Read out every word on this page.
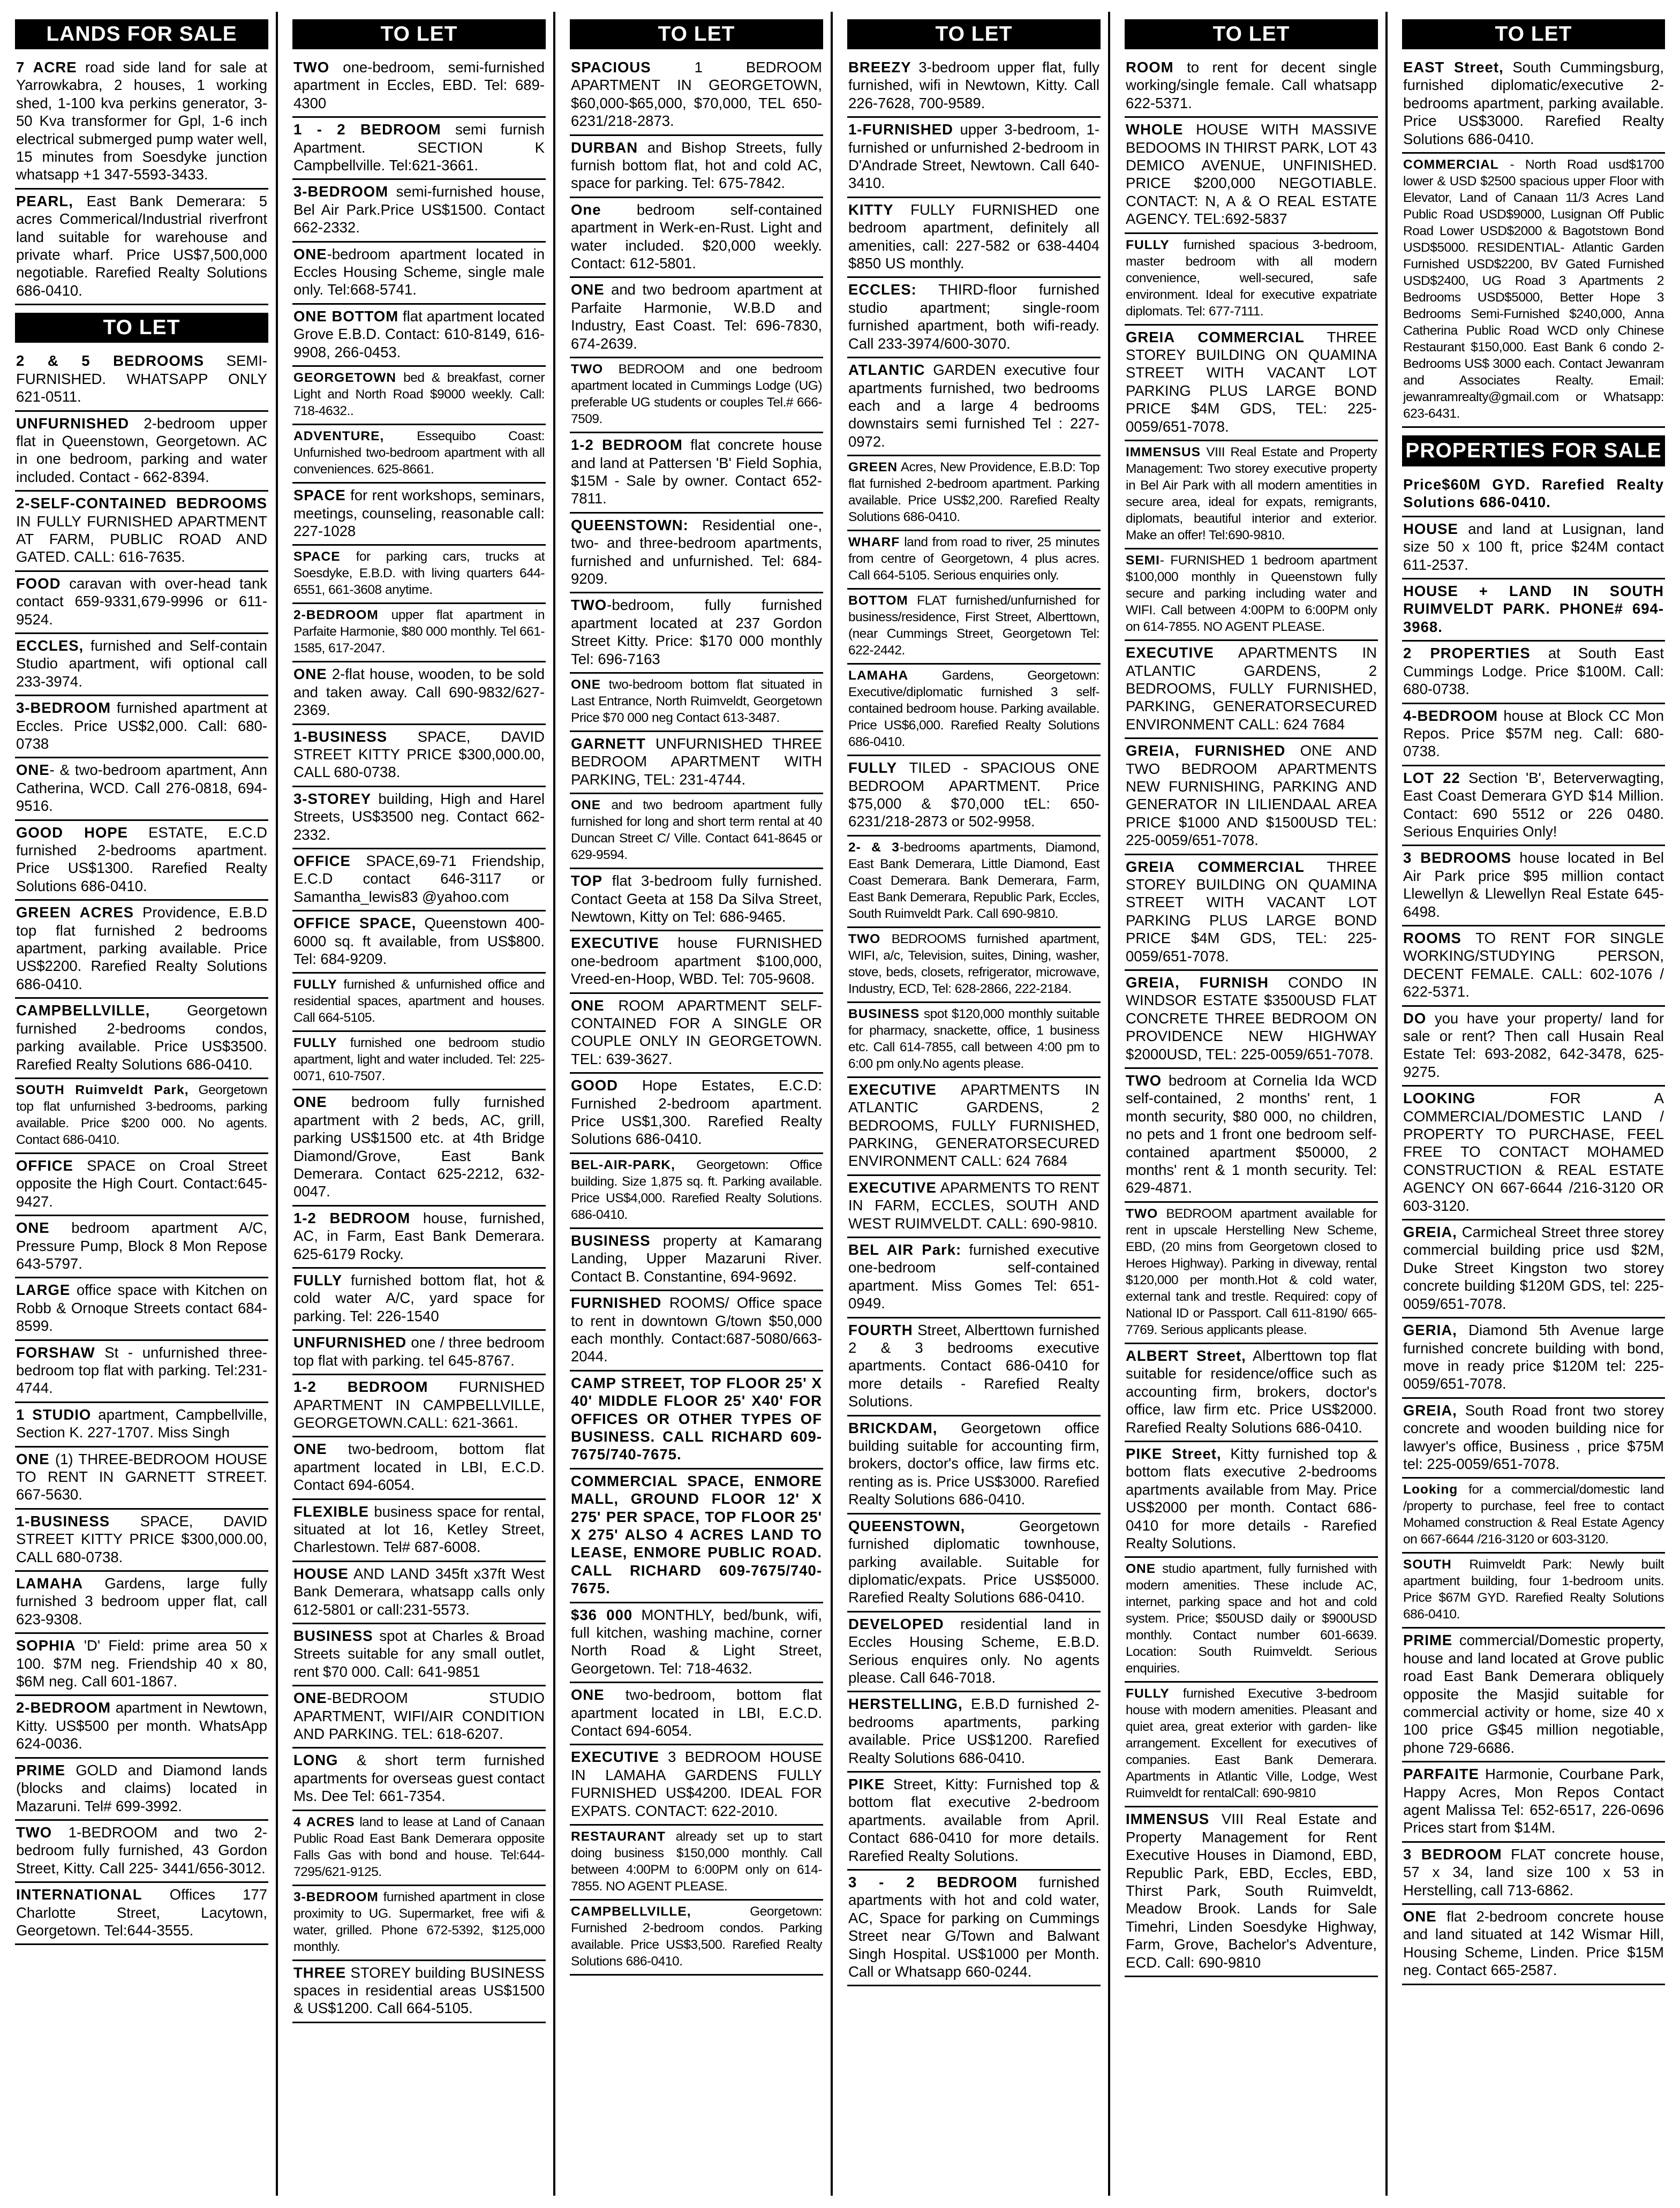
LANDS FOR SALE
7 ACRE road side land for sale at Yarrowkabra, 2 houses, 1 working shed, 1-100 kva perkins generator, 3-50 Kva transformer for Gpl, 1-6 inch electrical submerged pump water well, 15 minutes from Soesdyke junction whatsapp +1 347-5593-3433.
PEARL, East Bank Demerara: 5 acres Commerical/Industrial riverfront land suitable for warehouse and private wharf. Price US$7,500,000 negotiable. Rarefied Realty Solutions 686-0410.
TO LET
2 & 5 BEDROOMS SEMI-FURNISHED. WHATSAPP ONLY 621-0511.
UNFURNISHED 2-bedroom upper flat in Queenstown, Georgetown. AC in one bedroom, parking and water included. Contact - 662-8394.
2-SELF-CONTAINED BEDROOMS IN FULLY FURNISHED APARTMENT AT FARM, PUBLIC ROAD AND GATED. CALL: 616-7635.
FOOD caravan with over-head tank contact 659-9331,679-9996 or 611-9524.
ECCLES, furnished and Self-contain Studio apartment, wifi optional call 233-3974.
3-BEDROOM furnished apartment at Eccles. Price US$2,000. Call: 680-0738
ONE- & two-bedroom apartment, Ann Catherina, WCD. Call 276-0818, 694-9516.
GOOD HOPE ESTATE, E.C.D furnished 2-bedrooms apartment. Price US$1300. Rarefied Realty Solutions 686-0410.
GREEN ACRES Providence, E.B.D top flat furnished 2 bedrooms apartment, parking available. Price US$2200. Rarefied Realty Solutions 686-0410.
CAMPBELLVILLE, Georgetown furnished 2-bedrooms condos, parking available. Price US$3500. Rarefied Realty Solutions 686-0410.
SOUTH Ruimveldt Park, Georgetown top flat unfurnished 3-bedrooms, parking available. Price $200 000. No agents. Contact 686-0410.
OFFICE SPACE on Croal Street opposite the High Court. Contact:645-9427.
ONE bedroom apartment A/C, Pressure Pump, Block 8 Mon Repose 643-5797.
LARGE office space with Kitchen on Robb & Ornoque Streets contact 684-8599.
FORSHAW St - unfurnished three-bedroom top flat with parking. Tel:231-4744.
1 STUDIO apartment, Campbellville, Section K. 227-1707. Miss Singh
ONE (1) THREE-BEDROOM HOUSE TO RENT IN GARNETT STREET. 667-5630.
1-BUSINESS SPACE, DAVID STREET KITTY PRICE $300,000.00, CALL 680-0738.
LAMAHA Gardens, large fully furnished 3 bedroom upper flat, call 623-9308.
SOPHIA 'D' Field: prime area 50 x 100. $7M neg. Friendship 40 x 80, $6M neg. Call 601-1867.
2-BEDROOM apartment in Newtown, Kitty. US$500 per month. WhatsApp 624-0036.
PRIME GOLD and Diamond lands (blocks and claims) located in Mazaruni. Tel# 699-3992.
TWO 1-BEDROOM and two 2-bedroom fully furnished, 43 Gordon Street, Kitty. Call 225- 3441/656-3012.
INTERNATIONAL Offices 177 Charlotte Street, Lacytown, Georgetown. Tel:644-3555.
TO LET
TWO one-bedroom, semi-furnished apartment in Eccles, EBD. Tel: 689-4300
1 - 2 BEDROOM semi furnish Apartment. SECTION K Campbellville. Tel:621-3661.
3-BEDROOM semi-furnished house, Bel Air Park.Price US$1500. Contact 662-2332.
ONE-bedroom apartment located in Eccles Housing Scheme, single male only. Tel:668-5741.
ONE BOTTOM flat apartment located Grove E.B.D. Contact: 610-8149, 616-9908, 266-0453.
GEORGETOWN bed & breakfast, corner Light and North Road $9000 weekly. Call: 718-4632..
ADVENTURE, Essequibo Coast: Unfurnished two-bedroom apartment with all conveniences. 625-8661.
SPACE for rent workshops, seminars, meetings, counseling, reasonable call: 227-1028
SPACE for parking cars, trucks at Soesdyke, E.B.D. with living quarters 644-6551, 661-3608 anytime.
2-BEDROOM upper flat apartment in Parfaite Harmonie, $80 000 monthly. Tel 661-1585, 617-2047.
ONE 2-flat house, wooden, to be sold and taken away. Call 690-9832/627-2369.
1-BUSINESS SPACE, DAVID STREET KITTY PRICE $300,000.00, CALL 680-0738.
3-STOREY building, High and Harel Streets, US$3500 neg. Contact 662-2332.
OFFICE SPACE,69-71 Friendship, E.C.D contact 646-3117 or Samantha_lewis83 @yahoo.com
OFFICE SPACE, Queenstown 400-6000 sq. ft available, from US$800. Tel: 684-9209.
FULLY furnished & unfurnished office and residential spaces, apartment and houses. Call 664-5105.
FULLY furnished one bedroom studio apartment, light and water included. Tel: 225-0071, 610-7507.
ONE bedroom fully furnished apartment with 2 beds, AC, grill, parking US$1500 etc. at 4th Bridge Diamond/Grove, East Bank Demerara. Contact 625-2212, 632-0047.
1-2 BEDROOM house, furnished, AC, in Farm, East Bank Demerara. 625-6179 Rocky.
FULLY furnished bottom flat, hot & cold water A/C, yard space for parking. Tel: 226-1540
UNFURNISHED one / three bedroom top flat with parking. tel 645-8767.
1-2 BEDROOM FURNISHED APARTMENT IN CAMPBELLVILLE, GEORGETOWN.CALL: 621-3661.
ONE two-bedroom, bottom flat apartment located in LBI, E.C.D. Contact 694-6054.
FLEXIBLE business space for rental, situated at lot 16, Ketley Street, Charlestown. Tel# 687-6008.
HOUSE AND LAND 345ft x37ft West Bank Demerara, whatsapp calls only 612-5801 or call:231-5573.
BUSINESS spot at Charles & Broad Streets suitable for any small outlet, rent $70 000. Call: 641-9851
ONE-BEDROOM STUDIO APARTMENT, WIFI/AIR CONDITION AND PARKING. TEL: 618-6207.
LONG & short term furnished apartments for overseas guest contact Ms. Dee Tel: 661-7354.
4 ACRES land to lease at Land of Canaan Public Road East Bank Demerara opposite Falls Gas with bond and house. Tel:644-7295/621-9125.
3-BEDROOM furnished apartment in close proximity to UG. Supermarket, free wifi & water, grilled. Phone 672-5392, $125,000 monthly.
THREE STOREY building BUSINESS spaces in residential areas US$1500 & US$1200. Call 664-5105.
TO LET
SPACIOUS 1 BEDROOM APARTMENT IN GEORGETOWN, $60,000-$65,000, $70,000, TEL 650-6231/218-2873.
DURBAN and Bishop Streets, fully furnish bottom flat, hot and cold AC, space for parking. Tel: 675-7842.
One bedroom self-contained apartment in Werk-en-Rust. Light and water included. $20,000 weekly. Contact: 612-5801.
ONE and two bedroom apartment at Parfaite Harmonie, W.B.D and Industry, East Coast. Tel: 696-7830, 674-2639.
TWO BEDROOM and one bedroom apartment located in Cummings Lodge (UG) preferable UG students or couples Tel.# 666-7509.
1-2 BEDROOM flat concrete house and land at Pattersen 'B' Field Sophia, $15M - Sale by owner. Contact 652-7811.
QUEENSTOWN: Residential one-, two- and three-bedroom apartments, furnished and unfurnished. Tel: 684-9209.
TWO-bedroom, fully furnished apartment located at 237 Gordon Street Kitty. Price: $170 000 monthly Tel: 696-7163
ONE two-bedroom bottom flat situated in Last Entrance, North Ruimveldt, Georgetown Price $70 000 neg Contact 613-3487.
GARNETT UNFURNISHED THREE BEDROOM APARTMENT WITH PARKING, TEL: 231-4744.
ONE and two bedroom apartment fully furnished for long and short term rental at 40 Duncan Street C/ Ville. Contact 641-8645 or 629-9594.
TOP flat 3-bedroom fully furnished. Contact Geeta at 158 Da Silva Street, Newtown, Kitty on Tel: 686-9465.
EXECUTIVE house FURNISHED one-bedroom apartment $100,000, Vreed-en-Hoop, WBD. Tel: 705-9608.
ONE ROOM APARTMENT SELF-CONTAINED FOR A SINGLE OR COUPLE ONLY IN GEORGETOWN. TEL: 639-3627.
GOOD Hope Estates, E.C.D: Furnished 2-bedroom apartment. Price US$1,300. Rarefied Realty Solutions 686-0410.
BEL-AIR-PARK, Georgetown: Office building. Size 1,875 sq. ft. Parking available. Price US$4,000. Rarefied Realty Solutions. 686-0410.
BUSINESS property at Kamarang Landing, Upper Mazaruni River. Contact B. Constantine, 694-9692.
FURNISHED ROOMS/ Office space to rent in downtown G/town $50,000 each monthly. Contact:687-5080/663-2044.
CAMP STREET, TOP FLOOR 25' X 40' MIDDLE FLOOR 25' X40' FOR OFFICES OR OTHER TYPES OF BUSINESS. CALL RICHARD 609-7675/740-7675.
COMMERCIAL SPACE, ENMORE MALL, GROUND FLOOR 12' X 275' PER SPACE, TOP FLOOR 25' X 275' ALSO 4 ACRES LAND TO LEASE, ENMORE PUBLIC ROAD. CALL RICHARD 609-7675/740-7675.
$36 000 MONTHLY, bed/bunk, wifi, full kitchen, washing machine, corner North Road & Light Street, Georgetown. Tel: 718-4632.
ONE two-bedroom, bottom flat apartment located in LBI, E.C.D. Contact 694-6054.
EXECUTIVE 3 BEDROOM HOUSE IN LAMAHA GARDENS FULLY FURNISHED US$4200. IDEAL FOR EXPATS. CONTACT: 622-2010.
RESTAURANT already set up to start doing business $150,000 monthly. Call between 4:00PM to 6:00PM only on 614-7855. NO AGENT PLEASE.
CAMPBELLVILLE, Georgetown: Furnished 2-bedroom condos. Parking available. Price US$3,500. Rarefied Realty Solutions 686-0410.
TO LET
BREEZY 3-bedroom upper flat, fully furnished, wifi in Newtown, Kitty. Call 226-7628, 700-9589.
1-FURNISHED upper 3-bedroom, 1-furnished or unfurnished 2-bedroom in D'Andrade Street, Newtown. Call 640-3410.
KITTY FULLY FURNISHED one bedroom apartment, definitely all amenities, call: 227-582 or 638-4404 $850 US monthly.
ECCLES: THIRD-floor furnished studio apartment; single-room furnished apartment, both wifi-ready. Call 233-3974/600-3070.
ATLANTIC GARDEN executive four apartments furnished, two bedrooms each and a large 4 bedrooms downstairs semi furnished Tel : 227-0972.
GREEN Acres, New Providence, E.B.D: Top flat furnished 2-bedroom apartment. Parking available. Price US$2,200. Rarefied Realty Solutions 686-0410.
WHARF land from road to river, 25 minutes from centre of Georgetown, 4 plus acres. Call 664-5105. Serious enquiries only.
BOTTOM FLAT furnished/unfurnished for business/residence, First Street, Alberttown, (near Cummings Street, Georgetown Tel: 622-2442.
LAMAHA Gardens, Georgetown: Executive/diplomatic furnished 3 self-contained bedroom house. Parking available. Price US$6,000. Rarefied Realty Solutions 686-0410.
FULLY TILED - SPACIOUS ONE BEDROOM APARTMENT. Price $75,000 & $70,000 tEL: 650-6231/218-2873 or 502-9958.
2- & 3-bedrooms apartments, Diamond, East Bank Demerara, Little Diamond, East Coast Demerara. Bank Demerara, Farm, East Bank Demerara, Republic Park, Eccles, South Ruimveldt Park. Call 690-9810.
TWO BEDROOMS furnished apartment, WIFI, a/c, Television, suites, Dining, washer, stove, beds, closets, refrigerator, microwave, Industry, ECD, Tel: 628-2866, 222-2184.
BUSINESS spot $120,000 monthly suitable for pharmacy, snackette, office, 1 business etc. Call 614-7855, call between 4:00 pm to 6:00 pm only.No agents please.
EXECUTIVE APARTMENTS IN ATLANTIC GARDENS, 2 BEDROOMS, FULLY FURNISHED, PARKING, GENERATORSECURED ENVIRONMENT CALL: 624 7684
EXECUTIVE APARMENTS TO RENT IN FARM, ECCLES, SOUTH AND WEST RUIMVELDT. CALL: 690-9810.
BEL AIR Park: furnished executive one-bedroom self-contained apartment. Miss Gomes Tel: 651-0949.
FOURTH Street, Alberttown furnished 2 & 3 bedrooms executive apartments. Contact 686-0410 for more details - Rarefied Realty Solutions.
BRICKDAM, Georgetown office building suitable for accounting firm, brokers, doctor's office, law firms etc. renting as is. Price US$3000. Rarefied Realty Solutions 686-0410.
QUEENSTOWN, Georgetown furnished diplomatic townhouse, parking available. Suitable for diplomatic/expats. Price US$5000. Rarefied Realty Solutions 686-0410.
DEVELOPED residential land in Eccles Housing Scheme, E.B.D. Serious enquires only. No agents please. Call 646-7018.
HERSTELLING, E.B.D furnished 2-bedrooms apartments, parking available. Price US$1200. Rarefied Realty Solutions 686-0410.
PIKE Street, Kitty: Furnished top & bottom flat executive 2-bedroom apartments. available from April. Contact 686-0410 for more details. Rarefied Realty Solutions.
3 - 2 BEDROOM furnished apartments with hot and cold water, AC, Space for parking on Cummings Street near G/Town and Balwant Singh Hospital. US$1000 per Month. Call or Whatsapp 660-0244.
TO LET
ROOM to rent for decent single working/single female. Call whatsapp 622-5371.
WHOLE HOUSE WITH MASSIVE BEDOOMS IN THIRST PARK, LOT 43 DEMICO AVENUE, UNFINISHED. PRICE $200,000 NEGOTIABLE. CONTACT: N, A & O REAL ESTATE AGENCY. TEL:692-5837
FULLY furnished spacious 3-bedroom, master bedroom with all modern convenience, well-secured, safe environment. Ideal for executive expatriate diplomats. Tel: 677-7111.
GREIA COMMERCIAL THREE STOREY BUILDING ON QUAMINA STREET WITH VACANT LOT PARKING PLUS LARGE BOND PRICE $4M GDS, TEL: 225-0059/651-7078.
IMMENSUS VIII Real Estate and Property Management: Two storey executive property in Bel Air Park with all modern amentities in secure area, ideal for expats, remigrants, diplomats, beautiful interior and exterior. Make an offer! Tel:690-9810.
SEMI- FURNISHED 1 bedroom apartment $100,000 monthly in Queenstown fully secure and parking including water and WIFI. Call between 4:00PM to 6:00PM only on 614-7855. NO AGENT PLEASE.
EXECUTIVE APARTMENTS IN ATLANTIC GARDENS, 2 BEDROOMS, FULLY FURNISHED, PARKING, GENERATORSECURED ENVIRONMENT CALL: 624 7684
GREIA, FURNISHED ONE AND TWO BEDROOM APARTMENTS NEW FURNISHING, PARKING AND GENERATOR IN LILIENDAAL AREA PRICE $1000 AND $1500USD TEL: 225-0059/651-7078.
GREIA COMMERCIAL THREE STOREY BUILDING ON QUAMINA STREET WITH VACANT LOT PARKING PLUS LARGE BOND PRICE $4M GDS, TEL: 225-0059/651-7078.
GREIA, FURNISH CONDO IN WINDSOR ESTATE $3500USD FLAT CONCRETE THREE BEDROOM ON PROVIDENCE NEW HIGHWAY $2000USD, TEL: 225-0059/651-7078.
TWO bedroom at Cornelia Ida WCD self-contained, 2 months' rent, 1 month security, $80 000, no children, no pets and 1 front one bedroom self-contained apartment $50000, 2 months' rent & 1 month security. Tel: 629-4871.
TWO BEDROOM apartment available for rent in upscale Herstelling New Scheme, EBD, (20 mins from Georgetown closed to Heroes Highway). Parking in diveway, rental $120,000 per month.Hot & cold water, external tank and trestle. Required: copy of National ID or Passport. Call 611-8190/ 665-7769. Serious applicants please.
ALBERT Street, Alberttown top flat suitable for residence/office such as accounting firm, brokers, doctor's office, law firm etc. Price US$2000. Rarefied Realty Solutions 686-0410.
PIKE Street, Kitty furnished top & bottom flats executive 2-bedrooms apartments available from May. Price US$2000 per month. Contact 686-0410 for more details - Rarefied Realty Solutions.
ONE studio apartment, fully furnished with modern amenities. These include AC, internet, parking space and hot and cold system. Price; $50USD daily or $900USD monthly. Contact number 601-6639. Location: South Ruimveldt. Serious enquiries.
FULLY furnished Executive 3-bedroom house with modern amenities. Pleasant and quiet area, great exterior with garden- like arrangement. Excellent for executives of companies. East Bank Demerara. Apartments in Atlantic Ville, Lodge, West Ruimveldt for rentalCall: 690-9810
IMMENSUS VIII Real Estate and Property Management for Rent Executive Houses in Diamond, EBD, Republic Park, EBD, Eccles, EBD, Thirst Park, South Ruimveldt, Meadow Brook. Lands for Sale Timehri, Linden Soesdyke Highway, Farm, Grove, Bachelor's Adventure, ECD. Call: 690-9810
TO LET
EAST Street, South Cummingsburg, furnished diplomatic/executive 2-bedrooms apartment, parking available. Price US$3000. Rarefied Realty Solutions 686-0410.
COMMERCIAL - North Road usd$1700 lower & USD $2500 spacious upper Floor with Elevator, Land of Canaan 11/3 Acres Land Public Road USD$9000, Lusignan Off Public Road Lower USD$2000 & Bagotstown Bond USD$5000. RESIDENTIAL- Atlantic Garden Furnished USD$2200, BV Gated Furnished USD$2400, UG Road 3 Apartments 2 Bedrooms USD$5000, Better Hope 3 Bedrooms Semi-Furnished $240,000, Anna Catherina Public Road WCD only Chinese Restaurant $150,000. East Bank 6 condo 2-Bedrooms US$ 3000 each. Contact Jewanram and Associates Realty. Email: jewanramrealty@gmail.com or Whatsapp: 623-6431.
PROPERTIES FOR SALE
Price$60M GYD. Rarefied Realty Solutions 686-0410.
HOUSE and land at Lusignan, land size 50 x 100 ft, price $24M contact 611-2537.
HOUSE + LAND IN SOUTH RUIMVELDT PARK. PHONE# 694-3968.
2 PROPERTIES at South East Cummings Lodge. Price $100M. Call: 680-0738.
4-BEDROOM house at Block CC Mon Repos. Price $57M neg. Call: 680-0738.
LOT 22 Section 'B', Beterverwagting, East Coast Demerara GYD $14 Million. Contact: 690 5512 or 226 0480. Serious Enquiries Only!
3 BEDROOMS house located in Bel Air Park price $95 million contact Llewellyn & Llewellyn Real Estate 645-6498.
ROOMS TO RENT FOR SINGLE WORKING/STUDYING PERSON, DECENT FEMALE. CALL: 602-1076 / 622-5371.
DO you have your property/ land for sale or rent? Then call Husain Real Estate Tel: 693-2082, 642-3478, 625-9275.
LOOKING FOR A COMMERCIAL/DOMESTIC LAND / PROPERTY TO PURCHASE, FEEL FREE TO CONTACT MOHAMED CONSTRUCTION & REAL ESTATE AGENCY ON 667-6644 /216-3120 OR 603-3120.
GREIA, Carmicheal Street three storey commercial building price usd $2M, Duke Street Kingston two storey concrete building $120M GDS, tel: 225-0059/651-7078.
GERIA, Diamond 5th Avenue large furnished concrete building with bond, move in ready price $120M tel: 225-0059/651-7078.
GREIA, South Road front two storey concrete and wooden building nice for lawyer's office, Business , price $75M tel: 225-0059/651-7078.
Looking for a commercial/domestic land /property to purchase, feel free to contact Mohamed construction & Real Estate Agency on 667-6644 /216-3120 or 603-3120.
SOUTH Ruimveldt Park: Newly built apartment building, four 1-bedroom units. Price $67M GYD. Rarefied Realty Solutions 686-0410.
PRIME commercial/Domestic property, house and land located at Grove public road East Bank Demerara obliquely opposite the Masjid suitable for commercial activity or home, size 40 x 100 price G$45 million negotiable, phone 729-6686.
PARFAITE Harmonie, Courbane Park, Happy Acres, Mon Repos Contact agent Malissa Tel: 652-6517, 226-0696 Prices start from $14M.
3 BEDROOM FLAT concrete house, 57 x 34, land size 100 x 53 in Herstelling, call 713-6862.
ONE flat 2-bedroom concrete house and land situated at 142 Wismar Hill, Housing Scheme, Linden. Price $15M neg. Contact 665-2587.
